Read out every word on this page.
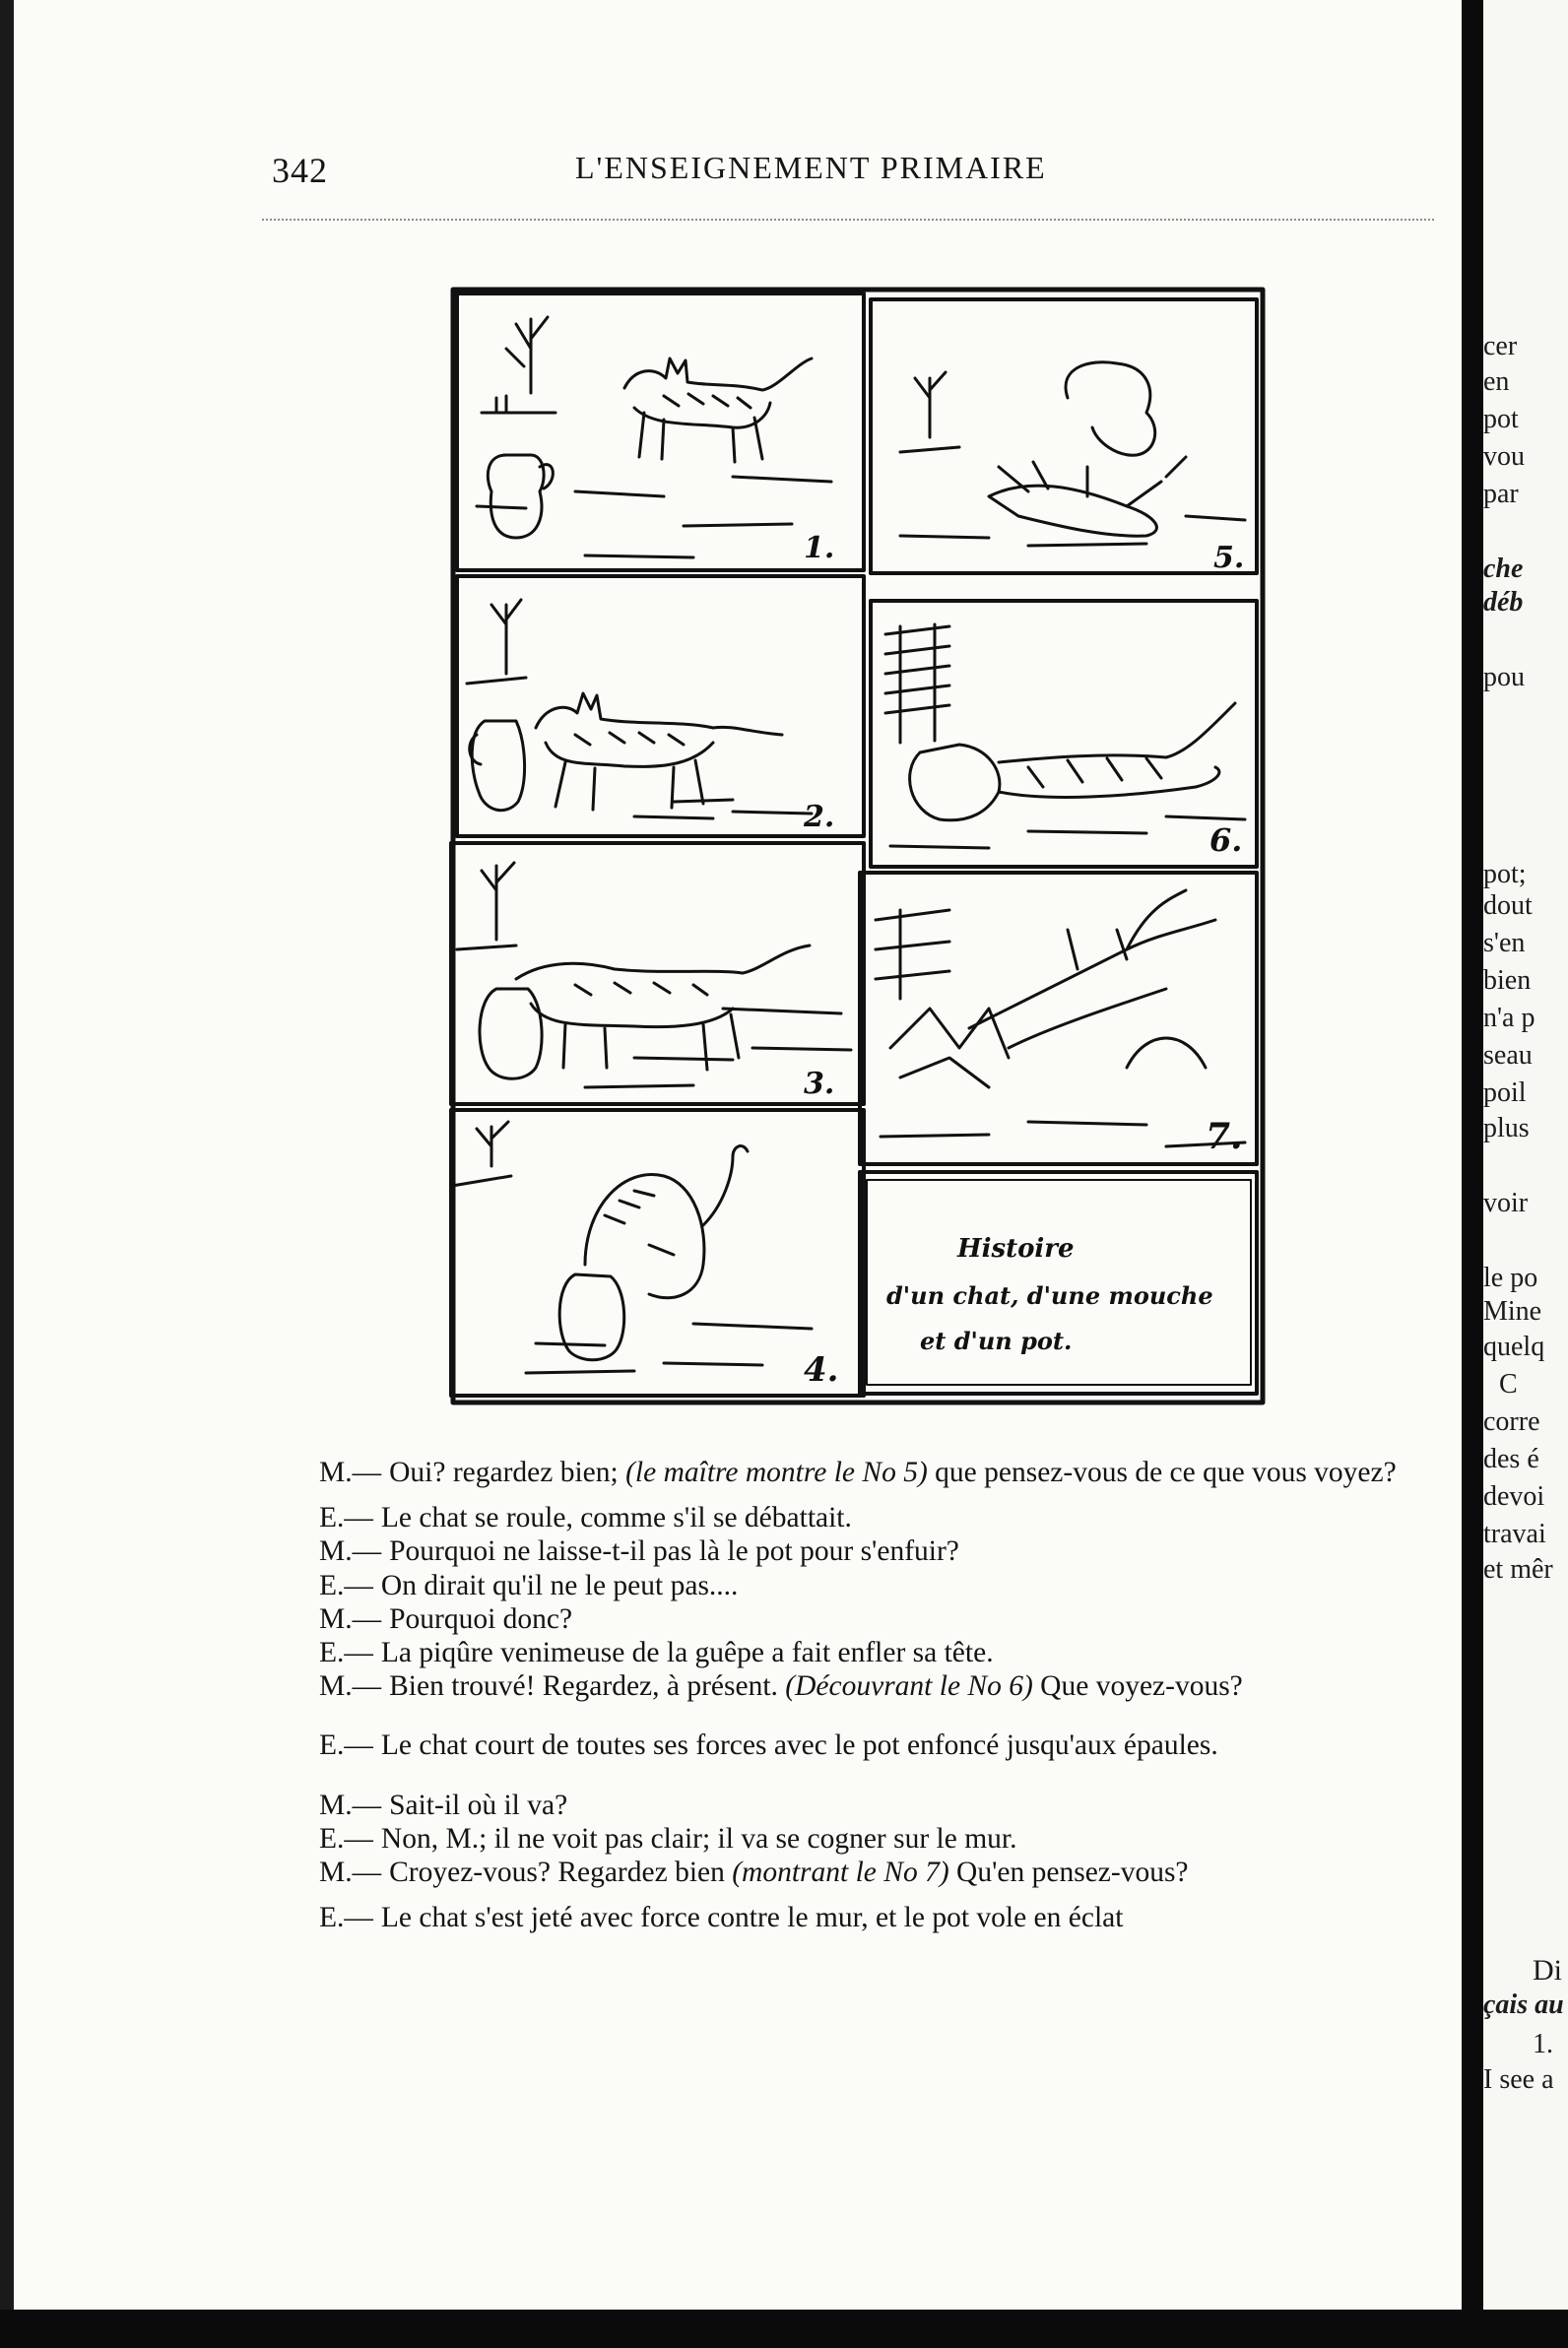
342	L'ENSEIGNEMENT PRIMAIRE
1.
2.
3.
4.
5.
6.
7.
Histoire
d'un chat, d'une mouche
et d'un pot.

M.— Oui? regardez bien; (le maître montre le No 5) que pensez-vous de ce que vous voyez?

E.— Le chat se roule, comme s'il se débattait.

M.— Pourquoi ne laisse-t-il pas là le pot pour s'enfuir?

E.— On dirait qu'il ne le peut pas....

M.— Pourquoi donc?

E.— La piqûre venimeuse de la guêpe a fait enfler sa tête.

M.— Bien trouvé! Regardez, à présent. (Découvrant le No 6) Que voyez-vous?

E.— Le chat court de toutes ses forces avec le pot enfoncé jusqu'aux épaules.

M.— Sait-il où il va?

E.— Non, M.; il ne voit pas clair; il va se cogner sur le mur.

M.— Croyez-vous? Regardez bien (montrant le No 7) Qu'en pensez-vous?

E.— Le chat s'est jeté avec force contre le mur, et le pot vole en éclat

cer
en
pot
vou
par
che
déb
pou
pot;
dout
s'en
bien
n'a p
seau
poil
plus
voir
le po
Mine
quelq
C
corre
des é
devoi
travai
et mêr
Di
çais au
1.
I see a
